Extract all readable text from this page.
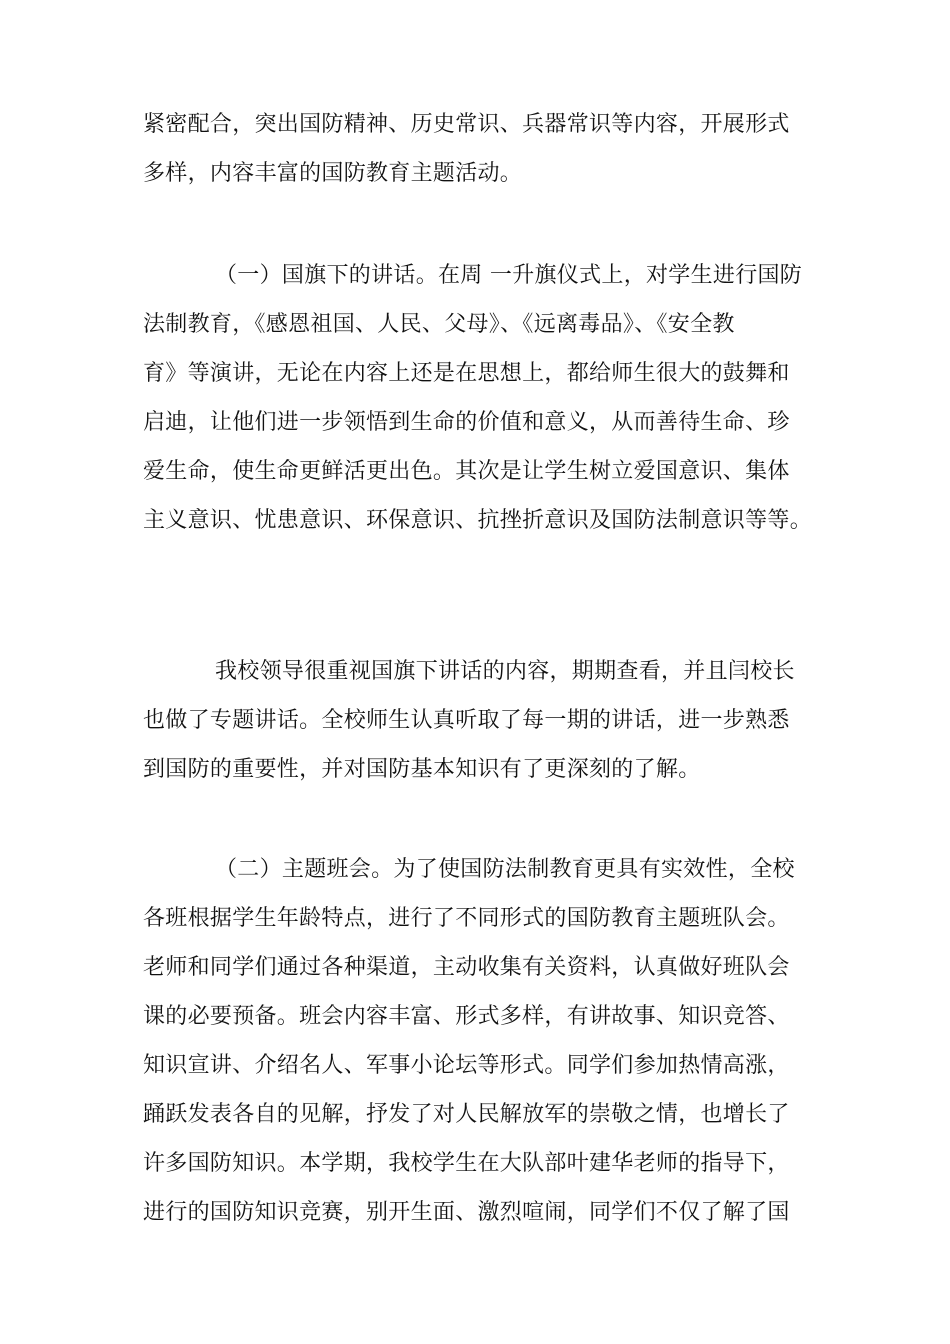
紧密配合，突出国防精神、历史常识、兵器常识等内容，开展形式
多样，内容丰富的国防教育主题活动。
（一）国旗下的讲话。在周 一升旗仪式上，对学生进行国防
法制教育，《感恩祖国、人民、父母》、《远离毒品》、《安全教
育》等演讲，无论在内容上还是在思想上，都给师生很大的鼓舞和
启迪，让他们进一步领悟到生命的价值和意义，从而善待生命、珍
爱生命，使生命更鲜活更出色。其次是让学生树立爱国意识、集体
主义意识、忧患意识、环保意识、抗挫折意识及国防法制意识等等。
我校领导很重视国旗下讲话的内容，期期查看，并且闫校长
也做了专题讲话。全校师生认真听取了每一期的讲话，进一步熟悉
到国防的重要性，并对国防基本知识有了更深刻的了解。
（二）主题班会。为了使国防法制教育更具有实效性，全校
各班根据学生年龄特点，进行了不同形式的国防教育主题班队会。
老师和同学们通过各种渠道，主动收集有关资料，认真做好班队会
课的必要预备。班会内容丰富、形式多样，有讲故事、知识竞答、
知识宣讲、介绍名人、军事小论坛等形式。同学们参加热情高涨，
踊跃发表各自的见解，抒发了对人民解放军的崇敬之情，也增长了
许多国防知识。本学期，我校学生在大队部叶建华老师的指导下，
进行的国防知识竞赛，别开生面、激烈喧闹，同学们不仅了解了国
